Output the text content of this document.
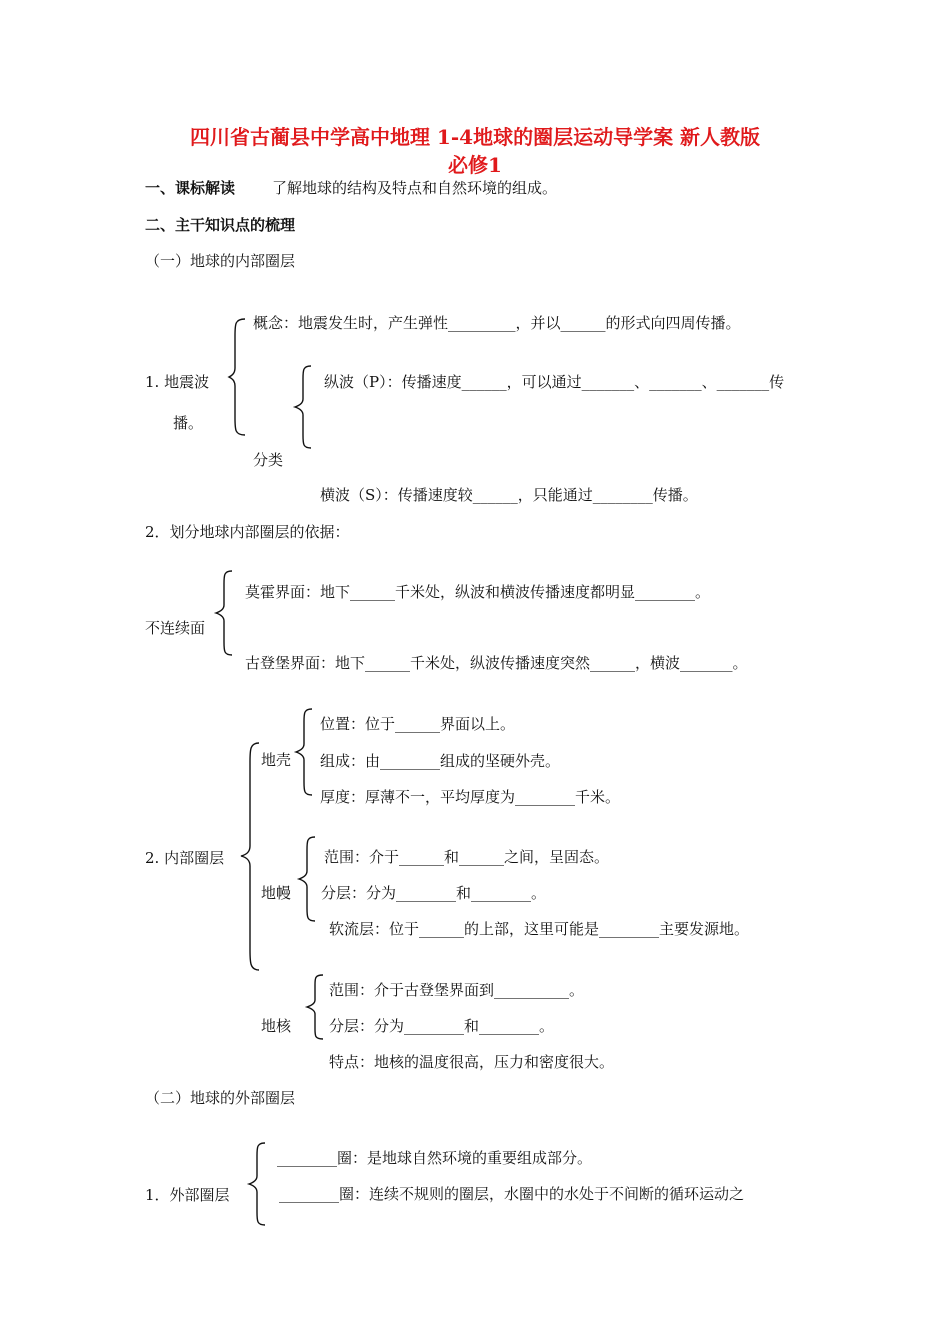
四川省古蔺县中学高中地理 1-4地球的圈层运动导学案 新人教版
必修1
一、课标解读 了解地球的结构及特点和自然环境的组成。
二、主干知识点的梳理
（一）地球的内部圈层
1. 地震波
播。
概念：地震发生时，产生弹性_________，并以______的形式向四周传播。
纵波（P）：传播速度______，可以通过_______、_______、_______传
分类
横波（S）：传播速度较______，只能通过________传播。
2．划分地球内部圈层的依据：
不连续面
莫霍界面：地下______千米处，纵波和横波传播速度都明显________。
古登堡界面：地下______千米处，纵波传播速度突然______，横波_______。
2. 内部圈层
地壳
位置：位于______界面以上。
组成：由________组成的坚硬外壳。
厚度：厚薄不一，平均厚度为________千米。
地幔
范围：介于______和______之间，呈固态。
分层：分为________和________。
软流层：位于______的上部，这里可能是________主要发源地。
地核
范围：介于古登堡界面到__________。
分层：分为________和________。
特点：地核的温度很高，压力和密度很大。
（二）地球的外部圈层
1．外部圈层
________圈：是地球自然环境的重要组成部分。
________圈：连续不规则的圈层，水圈中的水处于不间断的循环运动之
